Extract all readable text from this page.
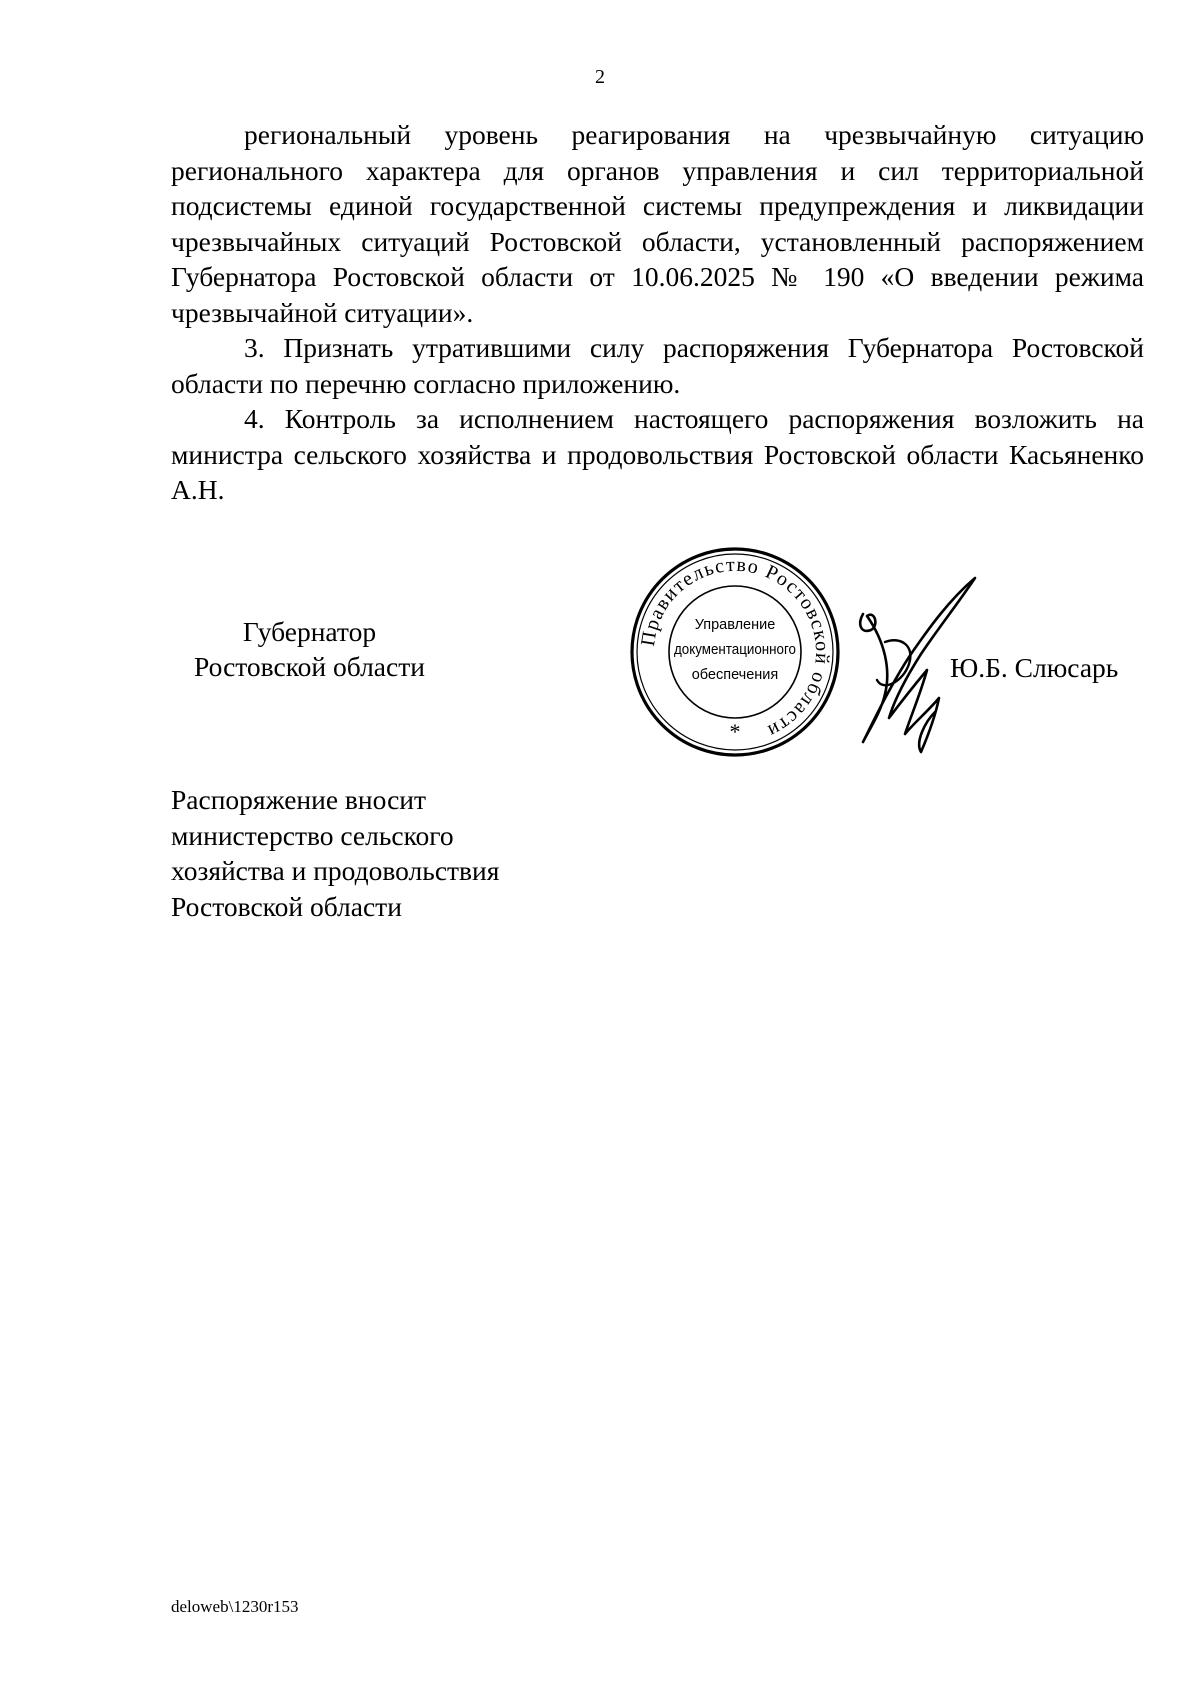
2

региональный уровень реагирования на чрезвычайную ситуацию регионального характера для органов управления и сил территориальной подсистемы единой государственной системы предупреждения и ликвидации чрезвычайных ситуаций Ростовской области, установленный распоряжением Губернатора Ростовской области от 10.06.2025 № 190 «О введении режима чрезвычайной ситуации».

3. Признать утратившими силу распоряжения Губернатора Ростовской области по перечню согласно приложению.

4. Контроль за исполнением настоящего распоряжения возложить на министра сельского хозяйства и продовольствия Ростовской области Касьяненко А.Н.

Губернатор
Ростовской области
Правительство Ростовской области
Управление
документационного
обеспечения
*
Ю.Б. Слюсарь
Распоряжение вносит
министерство сельского
хозяйства и продовольствия
Ростовской области
deloweb\1230r153
